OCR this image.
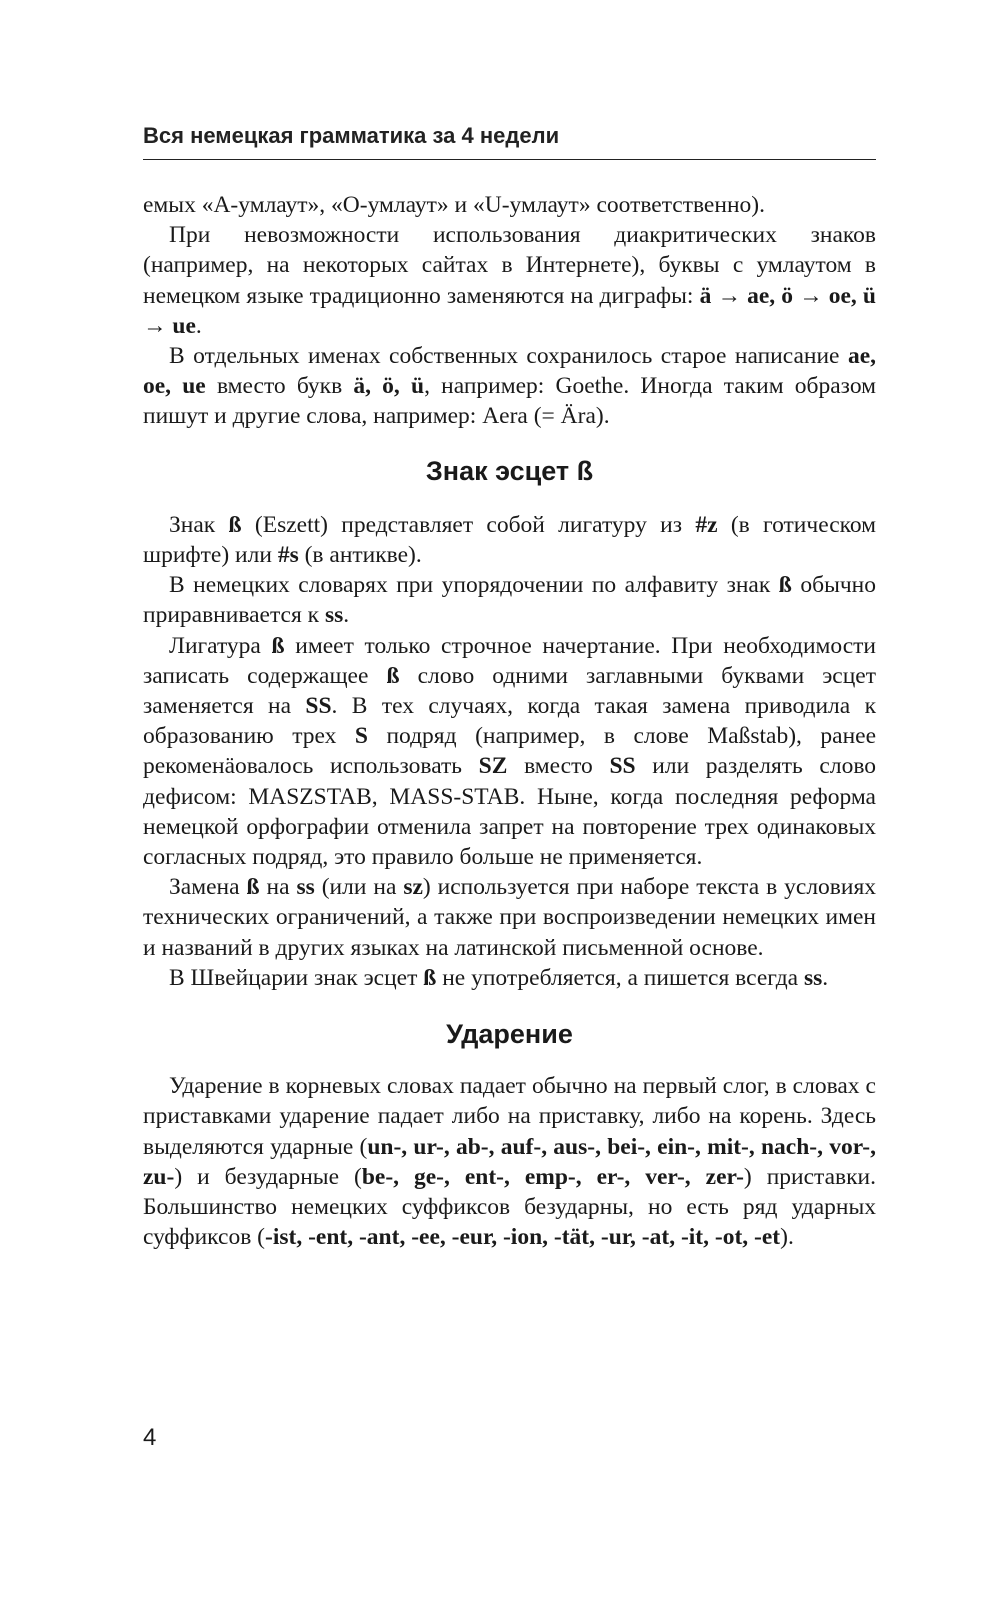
Вся немецкая грамматика за 4 недели

емых «А-умлаут», «О-умлаут» и «U-умлаут» соответственно).

При невозможности использования диакритических знаков (например, на некоторых сайтах в Интернете), буквы с умлаутом в немецком языке традиционно заменяются на диграфы: ä → ae, ö → oe, ü → ue.

В отдельных именах собственных сохранилось старое написание ae, oe, ue вместо букв ä, ö, ü, например: Goethe. Иногда таким образом пишут и другие слова, например: Aera (= Ära).

Знак эсцет ß

Знак ß (Eszett) представляет собой лигатуру из #z (в готическом шрифте) или #s (в антикве).

В немецких словарях при упорядочении по алфавиту знак ß обычно приравнивается к ss.

Лигатура ß имеет только строчное начертание. При необходимости записать содержащее ß слово одними заглавными буквами эсцет заменяется на SS. В тех случаях, когда такая замена приводила к образованию трех S подряд (например, в слове Maßstab), ранее рекоменäовалось использовать SZ вместо SS или разделять слово дефисом: MASZSTAB, MASS-STAB. Ныне, когда последняя реформа немецкой орфографии отменила запрет на повторение трех одинаковых согласных подряд, это правило больше не применяется.

Замена ß на ss (или на sz) используется при наборе текста в условиях технических ограничений, а также при воспроизведении немецких имен и названий в других языках на латинской письменной основе.

В Швейцарии знак эсцет ß не употребляется, а пишется всегда ss.

Ударение

Ударение в корневых словах падает обычно на первый слог, в словах с приставками ударение падает либо на приставку, либо на корень. Здесь выделяются ударные (un-, ur-, ab-, auf-, aus-, bei-, ein-, mit-, nach-, vor-, zu-) и безударные (be-, ge-, ent-, emp-, er-, ver-, zer-) приставки. Большинство немецких суффиксов безударны, но есть ряд ударных суффиксов (-ist, -ent, -ant, -ee, -eur, -ion, -tät, -ur, -at, -it, -ot, -et).

4
